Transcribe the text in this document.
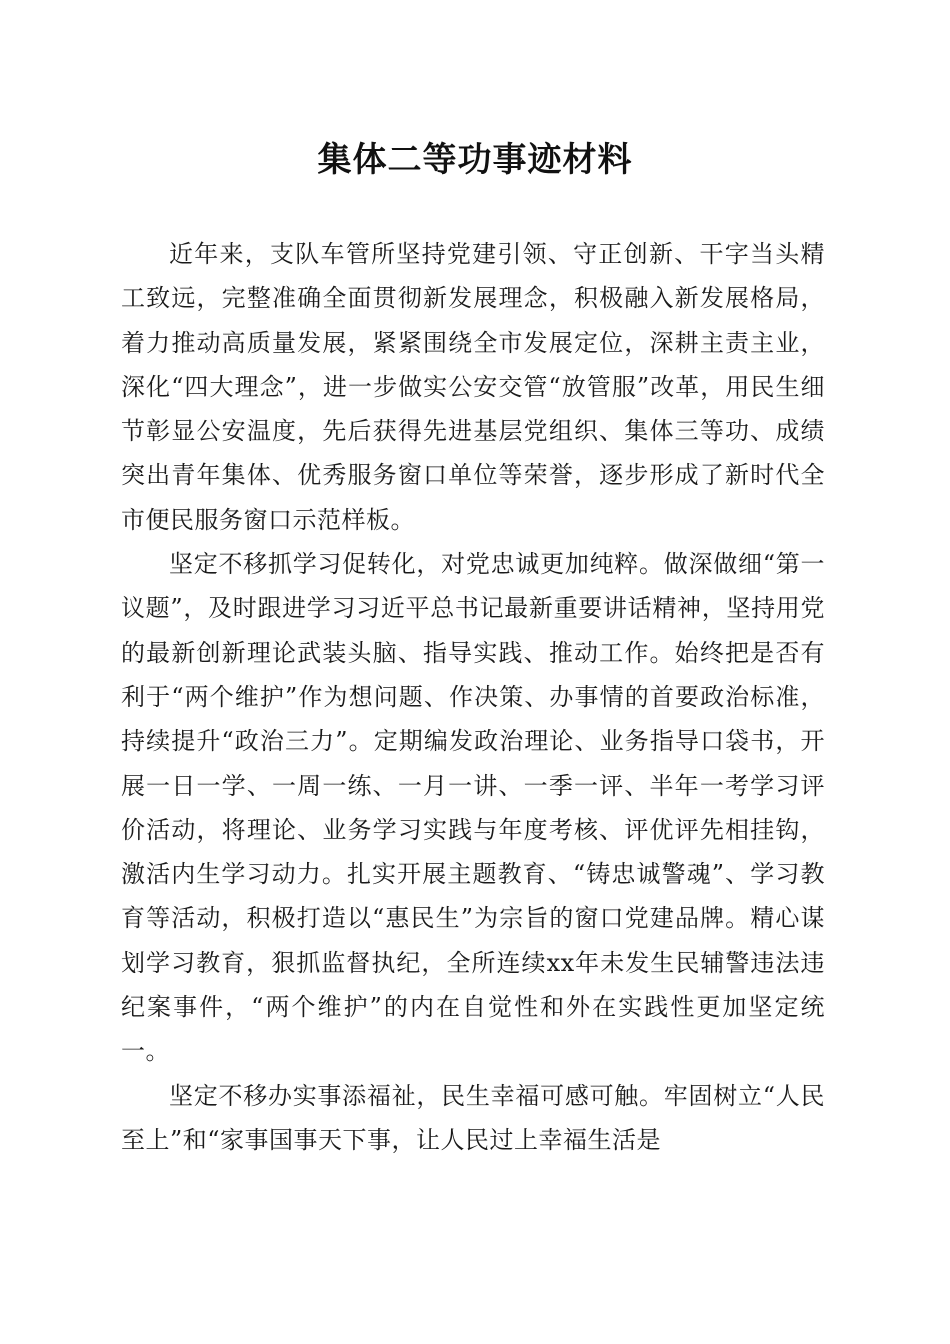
集体二等功事迹材料

近年来，支队车管所坚持党建引领、守正创新、干字当头精工致远，完整准确全面贯彻新发展理念，积极融入新发展格局，着力推动高质量发展，紧紧围绕全市发展定位，深耕主责主业，深化“四大理念”，进一步做实公安交管“放管服”改革，用民生细节彰显公安温度，先后获得先进基层党组织、集体三等功、成绩突出青年集体、优秀服务窗口单位等荣誉，逐步形成了新时代全市便民服务窗口示范样板。

坚定不移抓学习促转化，对党忠诚更加纯粹。做深做细“第一议题”，及时跟进学习习近平总书记最新重要讲话精神，坚持用党的最新创新理论武装头脑、指导实践、推动工作。始终把是否有利于“两个维护”作为想问题、作决策、办事情的首要政治标准，持续提升“政治三力”。定期编发政治理论、业务指导口袋书，开展一日一学、一周一练、一月一讲、一季一评、半年一考学习评价活动，将理论、业务学习实践与年度考核、评优评先相挂钩，激活内生学习动力。扎实开展主题教育、“铸忠诚警魂”、学习教育等活动，积极打造以“惠民生”为宗旨的窗口党建品牌。精心谋划学习教育，狠抓监督执纪，全所连续xx年未发生民辅警违法违纪案事件，“两个维护”的内在自觉性和外在实践性更加坚定统一。

坚定不移办实事添福祉，民生幸福可感可触。牢固树立“人民至上”和“家事国事天下事，让人民过上幸福生活是
